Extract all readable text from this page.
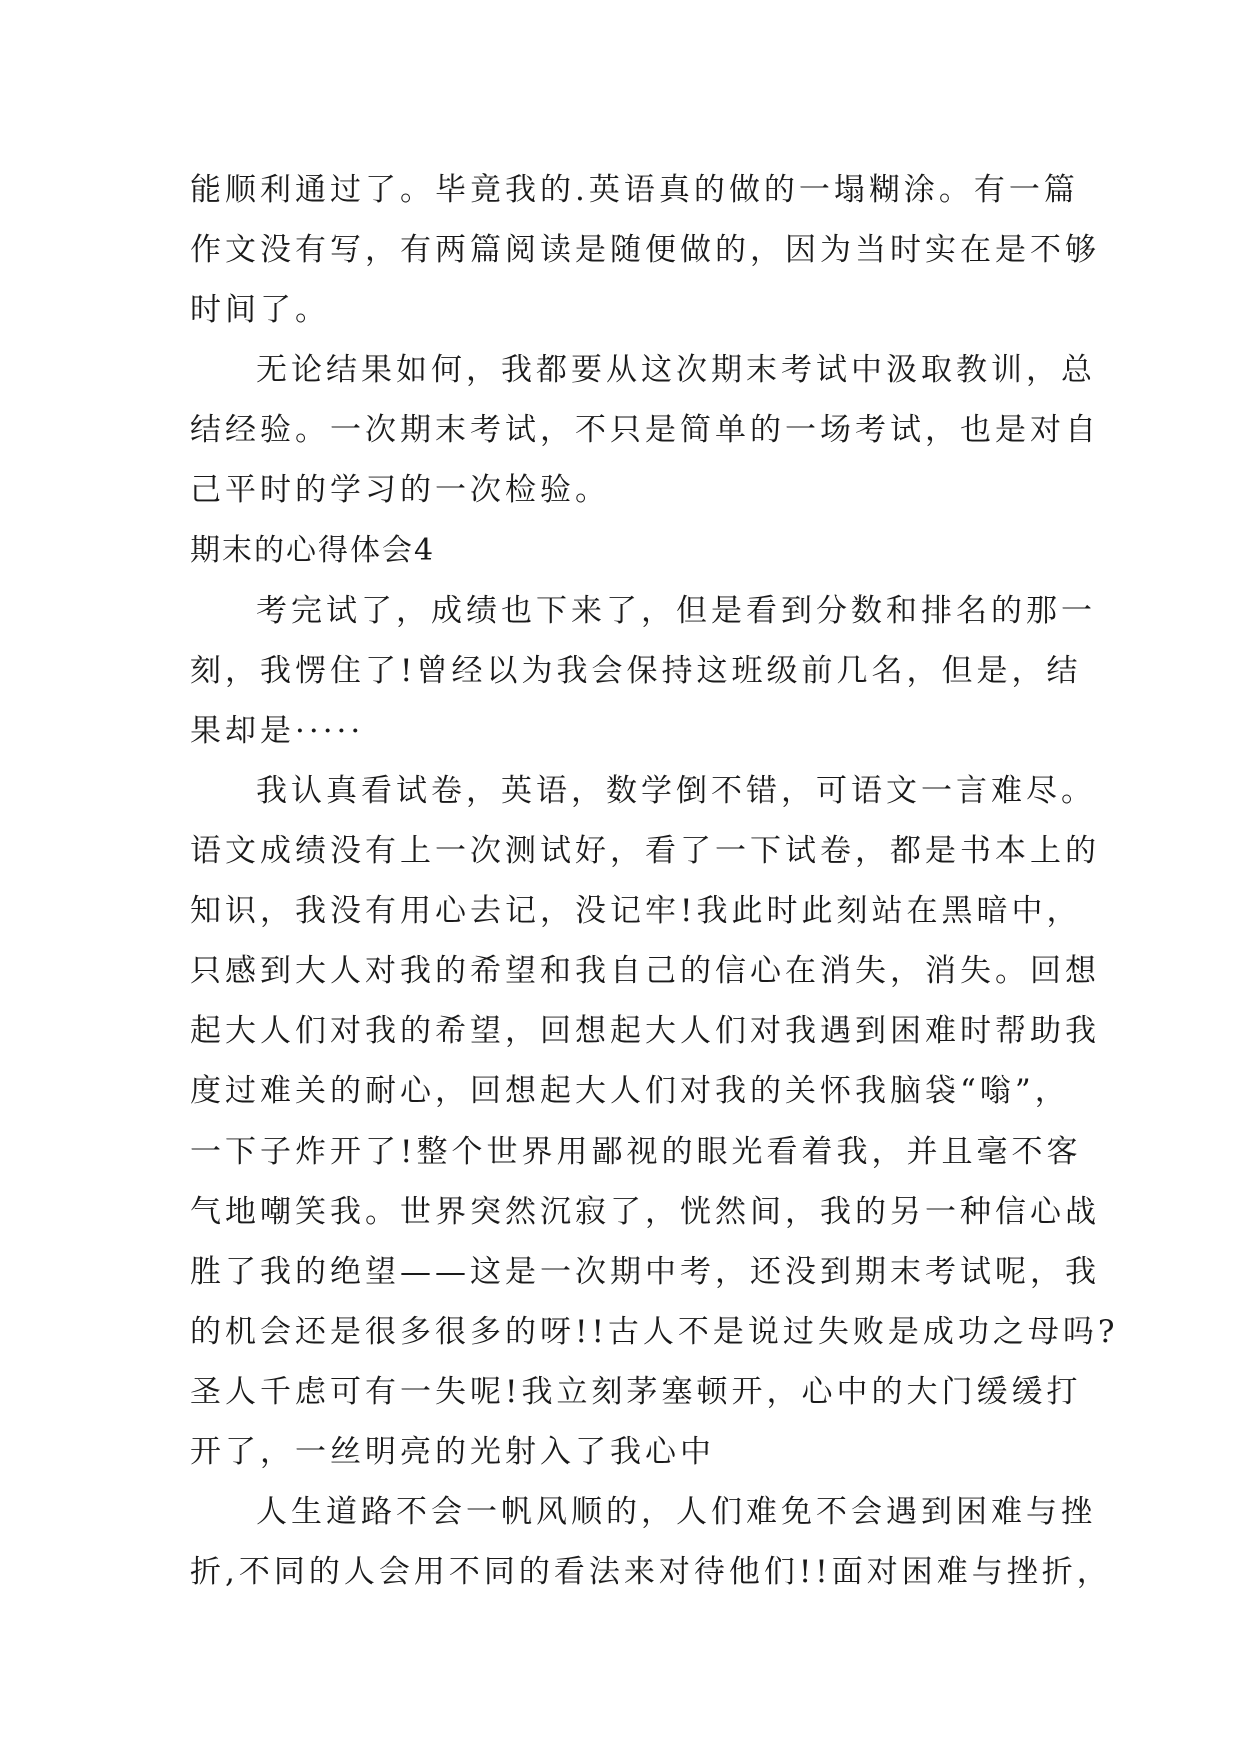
能顺利通过了。毕竟我的.英语真的做的一塌糊涂。有一篇
作文没有写，有两篇阅读是随便做的，因为当时实在是不够
时间了。
无论结果如何，我都要从这次期末考试中汲取教训，总
结经验。一次期末考试，不只是简单的一场考试，也是对自
己平时的学习的一次检验。
期末的心得体会4
考完试了，成绩也下来了，但是看到分数和排名的那一
刻，我愣住了!曾经以为我会保持这班级前几名，但是，结
果却是·····
我认真看试卷，英语，数学倒不错，可语文一言难尽。
语文成绩没有上一次测试好，看了一下试卷，都是书本上的
知识，我没有用心去记，没记牢!我此时此刻站在黑暗中，
只感到大人对我的希望和我自己的信心在消失，消失。回想
起大人们对我的希望，回想起大人们对我遇到困难时帮助我
度过难关的耐心，回想起大人们对我的关怀我脑袋“嗡”，
一下子炸开了!整个世界用鄙视的眼光看着我，并且毫不客
气地嘲笑我。世界突然沉寂了，恍然间，我的另一种信心战
胜了我的绝望——这是一次期中考，还没到期末考试呢，我
的机会还是很多很多的呀!!古人不是说过失败是成功之母吗?
圣人千虑可有一失呢!我立刻茅塞顿开，心中的大门缓缓打
开了，一丝明亮的光射入了我心中
人生道路不会一帆风顺的，人们难免不会遇到困难与挫
折,不同的人会用不同的看法来对待他们!!面对困难与挫折，
